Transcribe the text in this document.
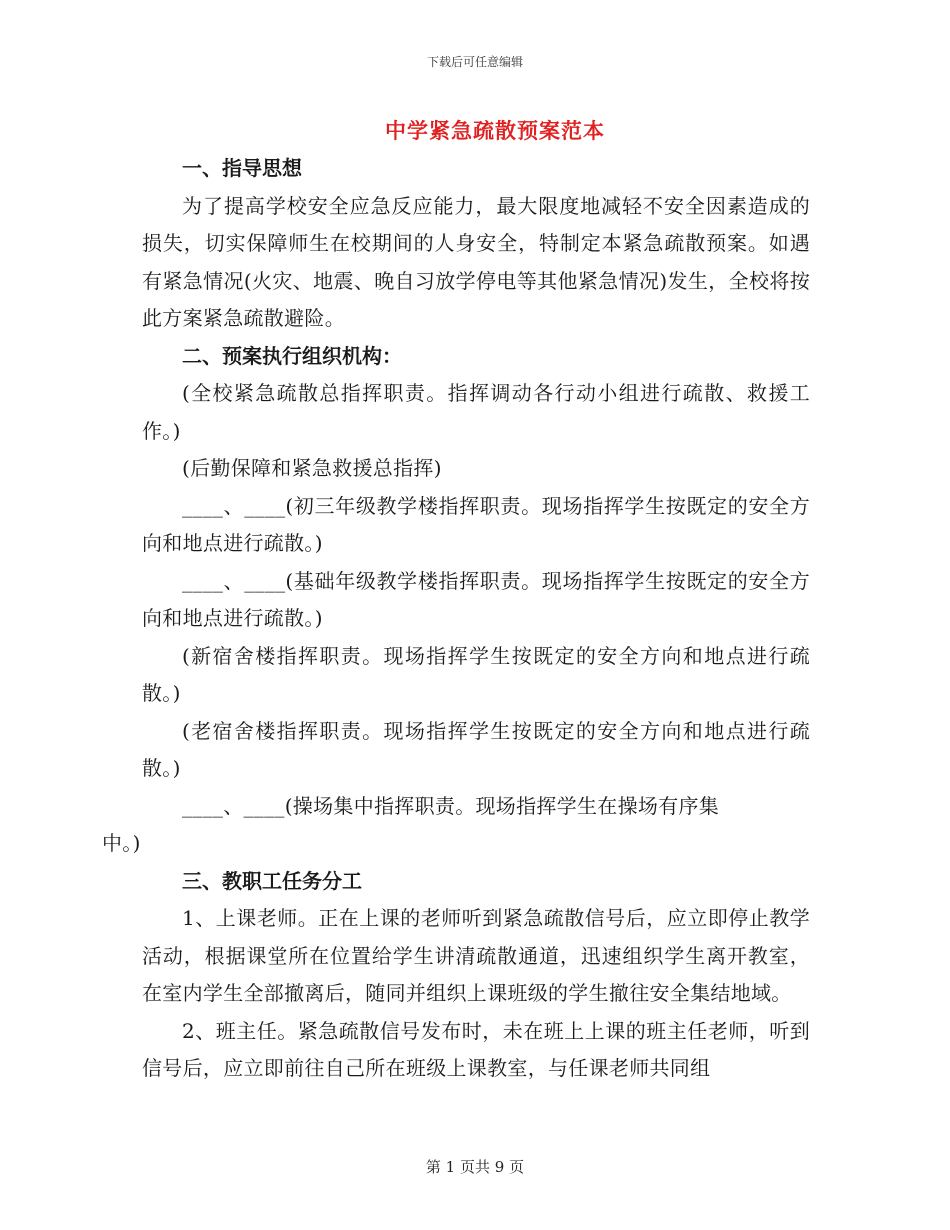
下载后可任意编辑
中学紧急疏散预案范本

一、指导思想

为了提高学校安全应急反应能力，最大限度地减轻不安全因素造成的损失，切实保障师生在校期间的人身安全，特制定本紧急疏散预案。如遇有紧急情况(火灾、地震、晚自习放学停电等其他紧急情况)发生，全校将按此方案紧急疏散避险。

二、预案执行组织机构：

(全校紧急疏散总指挥职责。指挥调动各行动小组进行疏散、救援工作。)

(后勤保障和紧急救援总指挥)

____、____(初三年级教学楼指挥职责。现场指挥学生按既定的安全方向和地点进行疏散。)

____、____(基础年级教学楼指挥职责。现场指挥学生按既定的安全方向和地点进行疏散。)

(新宿舍楼指挥职责。现场指挥学生按既定的安全方向和地点进行疏散。)

(老宿舍楼指挥职责。现场指挥学生按既定的安全方向和地点进行疏散。)

____、____(操场集中指挥职责。现场指挥学生在操场有序集
中。)

三、教职工任务分工

1、上课老师。正在上课的老师听到紧急疏散信号后，应立即停止教学活动，根据课堂所在位置给学生讲清疏散通道，迅速组织学生离开教室，在室内学生全部撤离后，随同并组织上课班级的学生撤往安全集结地域。

2、班主任。紧急疏散信号发布时，未在班上上课的班主任老师，听到信号后，应立即前往自己所在班级上课教室，与任课老师共同组

第 1 页共 9 页
